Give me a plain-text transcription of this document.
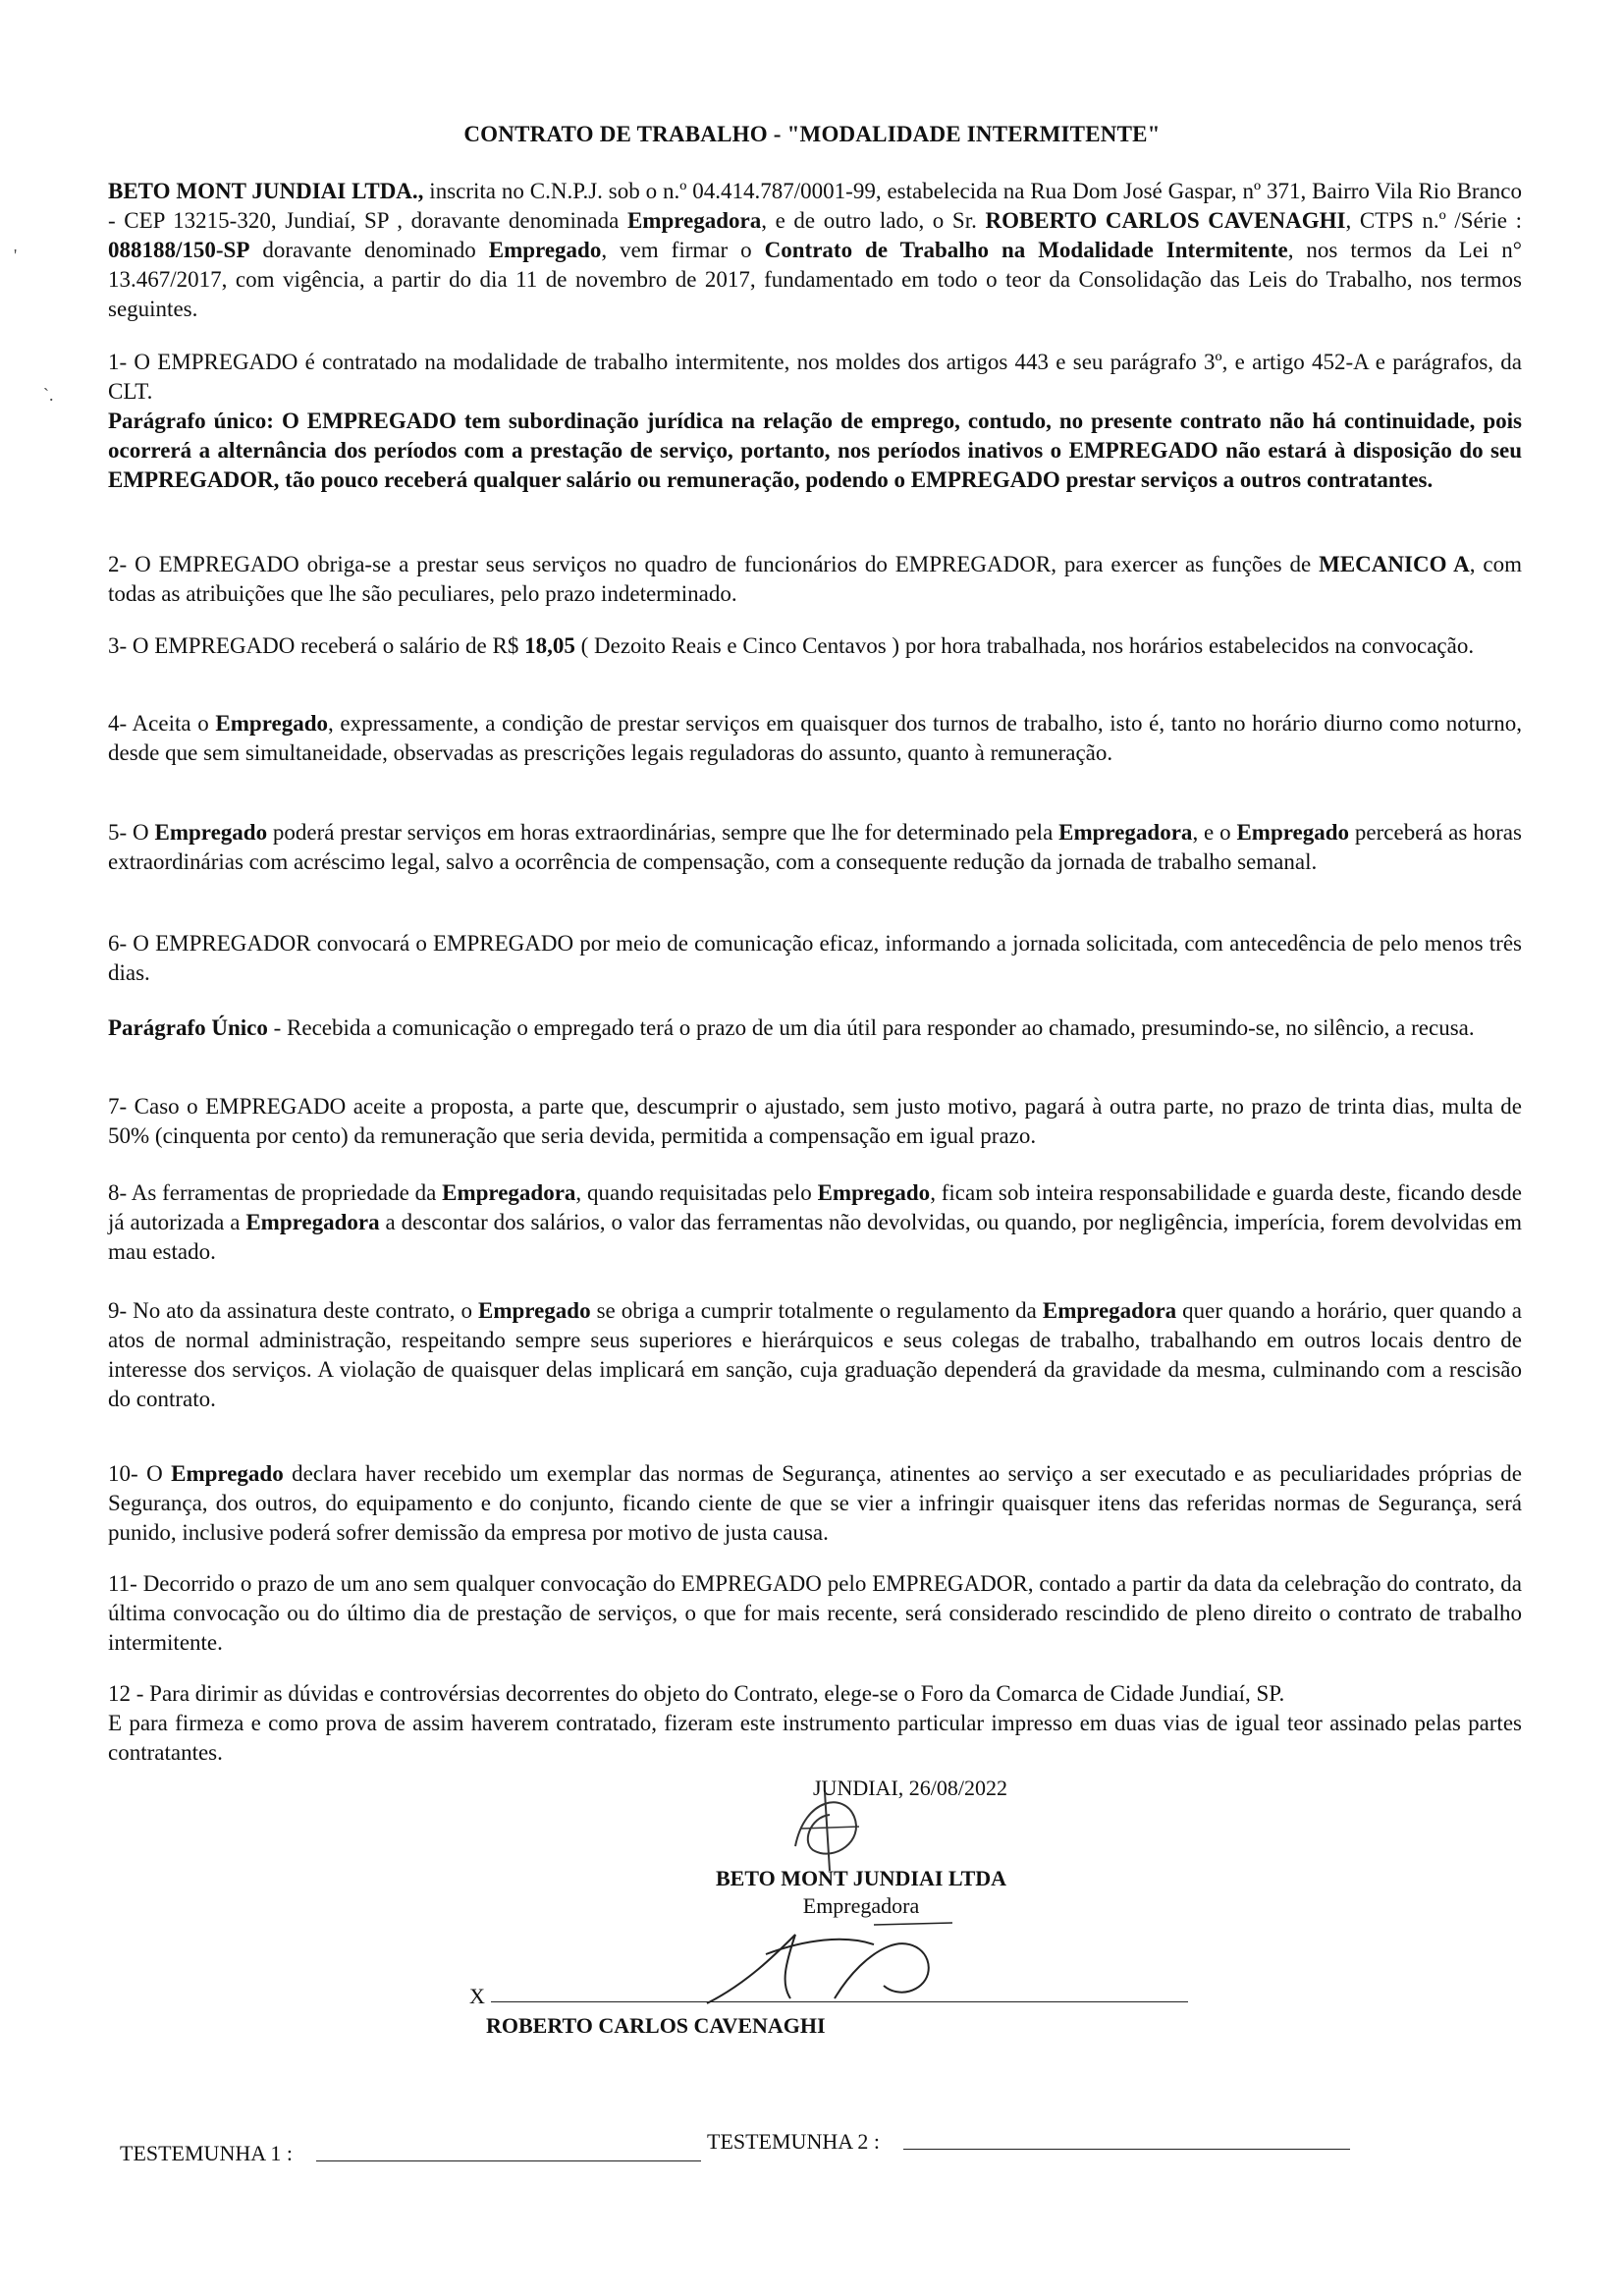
'
`.
CONTRATO DE TRABALHO - "MODALIDADE INTERMITENTE"
BETO MONT JUNDIAI LTDA., inscrita no C.N.P.J. sob o n.º 04.414.787/0001-99, estabelecida na Rua Dom José Gaspar, nº 371, Bairro Vila Rio Branco - CEP 13215-320, Jundiaí, SP , doravante denominada Empregadora, e de outro lado, o Sr. ROBERTO CARLOS CAVENAGHI, CTPS n.º /Série : 088188/150-SP doravante denominado Empregado, vem firmar o Contrato de Trabalho na Modalidade Intermitente, nos termos da Lei n° 13.467/2017, com vigência, a partir do dia 11 de novembro de 2017, fundamentado em todo o teor da Consolidação das Leis do Trabalho, nos termos seguintes.
1- O EMPREGADO é contratado na modalidade de trabalho intermitente, nos moldes dos artigos 443 e seu parágrafo 3º, e artigo 452-A e parágrafos, da CLT.
Parágrafo único: O EMPREGADO tem subordinação jurídica na relação de emprego, contudo, no presente contrato não há continuidade, pois ocorrerá a alternância dos períodos com a prestação de serviço, portanto, nos períodos inativos o EMPREGADO não estará à disposição do seu EMPREGADOR, tão pouco receberá qualquer salário ou remuneração, podendo o EMPREGADO prestar serviços a outros contratantes.
2- O EMPREGADO obriga-se a prestar seus serviços no quadro de funcionários do EMPREGADOR, para exercer as funções de MECANICO A, com todas as atribuições que lhe são peculiares, pelo prazo indeterminado.
3- O EMPREGADO receberá o salário de R$ 18,05 ( Dezoito Reais e Cinco Centavos ) por hora trabalhada, nos horários estabelecidos na convocação.
4- Aceita o Empregado, expressamente, a condição de prestar serviços em quaisquer dos turnos de trabalho, isto é, tanto no horário diurno como noturno, desde que sem simultaneidade, observadas as prescrições legais reguladoras do assunto, quanto à remuneração.
5- O Empregado poderá prestar serviços em horas extraordinárias, sempre que lhe for determinado pela Empregadora, e o Empregado perceberá as horas extraordinárias com acréscimo legal, salvo a ocorrência de compensação, com a consequente redução da jornada de trabalho semanal.
6- O EMPREGADOR convocará o EMPREGADO por meio de comunicação eficaz, informando a jornada solicitada, com antecedência de pelo menos três dias.
Parágrafo Único - Recebida a comunicação o empregado terá o prazo de um dia útil para responder ao chamado, presumindo-se, no silêncio, a recusa.
7- Caso o EMPREGADO aceite a proposta, a parte que, descumprir o ajustado, sem justo motivo, pagará à outra parte, no prazo de trinta dias, multa de 50% (cinquenta por cento) da remuneração que seria devida, permitida a compensação em igual prazo.
8- As ferramentas de propriedade da Empregadora, quando requisitadas pelo Empregado, ficam sob inteira responsabilidade e guarda deste, ficando desde já autorizada a Empregadora a descontar dos salários, o valor das ferramentas não devolvidas, ou quando, por negligência, imperícia, forem devolvidas em mau estado.
9- No ato da assinatura deste contrato, o Empregado se obriga a cumprir totalmente o regulamento da Empregadora quer quando a horário, quer quando a atos de normal administração, respeitando sempre seus superiores e hierárquicos e seus colegas de trabalho, trabalhando em outros locais dentro de interesse dos serviços. A violação de quaisquer delas implicará em sanção, cuja graduação dependerá da gravidade da mesma, culminando com a rescisão do contrato.
10- O Empregado declara haver recebido um exemplar das normas de Segurança, atinentes ao serviço a ser executado e as peculiaridades próprias de Segurança, dos outros, do equipamento e do conjunto, ficando ciente de que se vier a infringir quaisquer itens das referidas normas de Segurança, será punido, inclusive poderá sofrer demissão da empresa por motivo de justa causa.
11- Decorrido o prazo de um ano sem qualquer convocação do EMPREGADO pelo EMPREGADOR, contado a partir da data da celebração do contrato, da última convocação ou do último dia de prestação de serviços, o que for mais recente, será considerado rescindido de pleno direito o contrato de trabalho intermitente.
12 - Para dirimir as dúvidas e controvérsias decorrentes do objeto do Contrato, elege-se o Foro da Comarca de Cidade Jundiaí, SP.
E para firmeza e como prova de assim haverem contratado, fizeram este instrumento particular impresso em duas vias de igual teor assinado pelas partes contratantes.
JUNDIAI, 26/08/2022
BETO MONT JUNDIAI LTDA
Empregadora
X
ROBERTO CARLOS CAVENAGHI
TESTEMUNHA 1 :	TESTEMUNHA 2 :
